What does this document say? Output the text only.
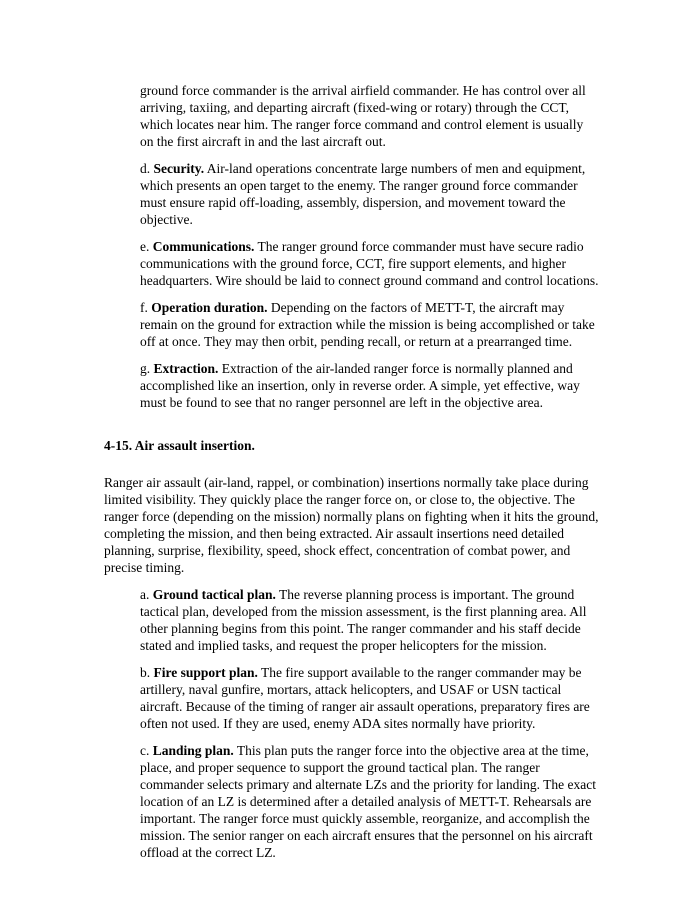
ground force commander is the arrival airfield commander. He has control over all arriving, taxiing, and departing aircraft (fixed-wing or rotary) through the CCT, which locates near him. The ranger force command and control element is usually on the first aircraft in and the last aircraft out.

d. Security. Air-land operations concentrate large numbers of men and equipment, which presents an open target to the enemy. The ranger ground force commander must ensure rapid off-loading, assembly, dispersion, and movement toward the objective.

e. Communications. The ranger ground force commander must have secure radio communications with the ground force, CCT, fire support elements, and higher headquarters. Wire should be laid to connect ground command and control locations.

f. Operation duration. Depending on the factors of METT-T, the aircraft may remain on the ground for extraction while the mission is being accomplished or take off at once. They may then orbit, pending recall, or return at a prearranged time.

g. Extraction. Extraction of the air-landed ranger force is normally planned and accomplished like an insertion, only in reverse order. A simple, yet effective, way must be found to see that no ranger personnel are left in the objective area.

4-15. Air assault insertion.

Ranger air assault (air-land, rappel, or combination) insertions normally take place during limited visibility. They quickly place the ranger force on, or close to, the objective. The ranger force (depending on the mission) normally plans on fighting when it hits the ground, completing the mission, and then being extracted. Air assault insertions need detailed planning, surprise, flexibility, speed, shock effect, concentration of combat power, and precise timing.

a. Ground tactical plan. The reverse planning process is important. The ground tactical plan, developed from the mission assessment, is the first planning area. All other planning begins from this point. The ranger commander and his staff decide stated and implied tasks, and request the proper helicopters for the mission.

b. Fire support plan. The fire support available to the ranger commander may be artillery, naval gunfire, mortars, attack helicopters, and USAF or USN tactical aircraft. Because of the timing of ranger air assault operations, preparatory fires are often not used. If they are used, enemy ADA sites normally have priority.

c. Landing plan. This plan puts the ranger force into the objective area at the time, place, and proper sequence to support the ground tactical plan. The ranger commander selects primary and alternate LZs and the priority for landing. The exact location of an LZ is determined after a detailed analysis of METT-T. Rehearsals are important. The ranger force must quickly assemble, reorganize, and accomplish the mission. The senior ranger on each aircraft ensures that the personnel on his aircraft offload at the correct LZ.
